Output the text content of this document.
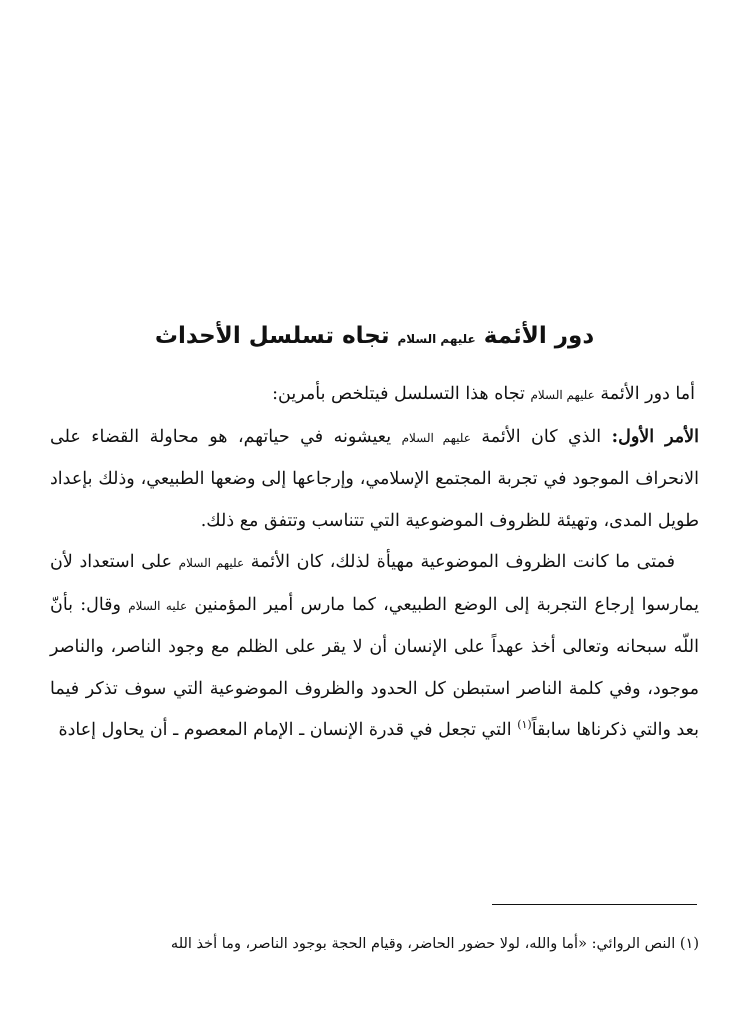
دور الأئمة عليهم السلام تجاه تسلسل الأحداث

أما دور الأئمة عليهم السلام تجاه هذا التسلسل فيتلخص بأمرين:

الأمر الأول: الذي كان الأئمة عليهم السلام يعيشونه في حياتهم، هو محاولة القضاء على الانحراف الموجود في تجربة المجتمع الإسلامي، وإرجاعها إلى وضعها الطبيعي، وذلك بإعداد طويل المدى، وتهيئة للظروف الموضوعية التي تتناسب وتتفق مع ذلك.

فمتى ما كانت الظروف الموضوعية مهيأة لذلك، كان الأئمة عليهم السلام على استعداد لأن يمارسوا إرجاع التجربة إلى الوضع الطبيعي، كما مارس أمير المؤمنين عليه السلام وقال: بأنّ اللّه سبحانه وتعالى أخذ عهداً على الإنسان أن لا يقر على الظلم مع وجود الناصر، والناصر موجود، وفي كلمة الناصر استبطن كل الحدود والظروف الموضوعية التي سوف تذكر فيما بعد والتي ذكرناها سابقاً$^{(١)}$ التي تجعل في قدرة الإنسان ـ الإمام المعصوم ـ أن يحاول إعادة

(١) النص الروائي: «أما والله، لولا حضور الحاضر، وقيام الحجة بوجود الناصر، وما أخذ الله
